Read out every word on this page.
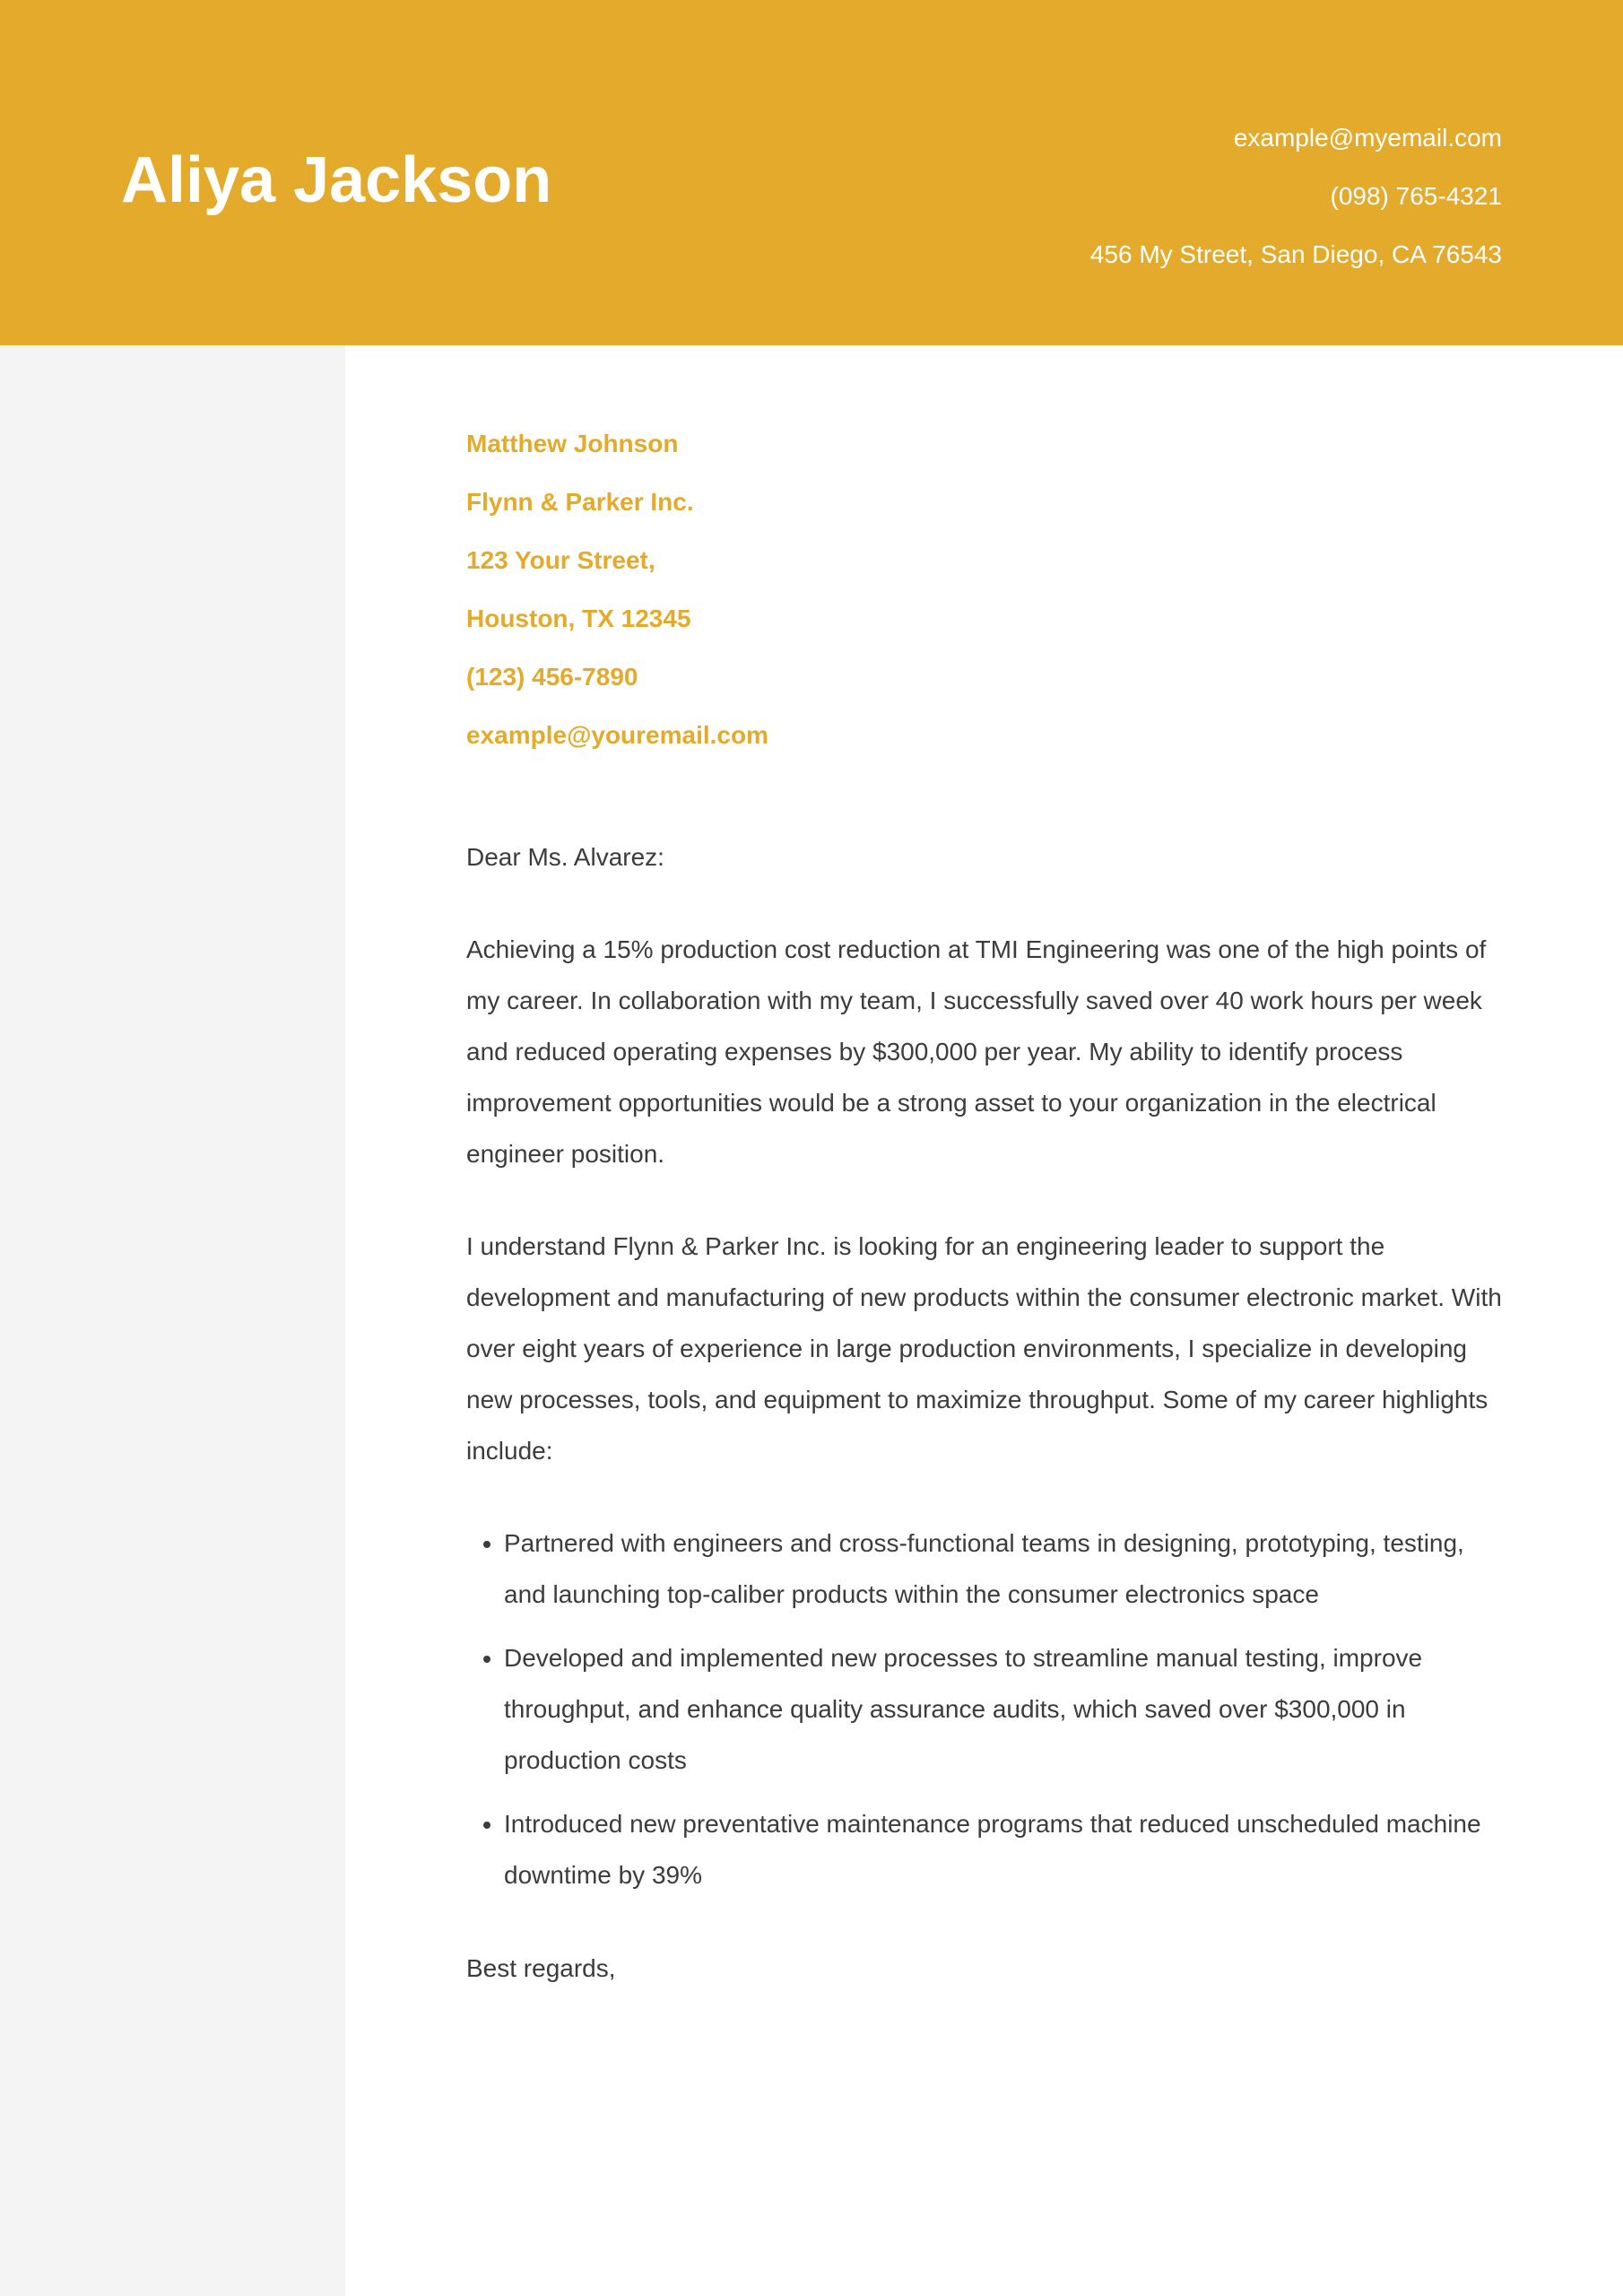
Aliya Jackson
example@myemail.com
(098) 765-4321
456 My Street, San Diego, CA 76543
Matthew Johnson
Flynn & Parker Inc.
123 Your Street,
Houston, TX 12345
(123) 456-7890
example@youremail.com
Dear Ms. Alvarez:

Achieving a 15% production cost reduction at TMI Engineering was one of the high points of my career. In collaboration with my team, I successfully saved over 40 work hours per week and reduced operating expenses by $300,000 per year. My ability to identify process improvement opportunities would be a strong asset to your organization in the electrical engineer position.

I understand Flynn & Parker Inc. is looking for an engineering leader to support the development and manufacturing of new products within the consumer electronic market. With over eight years of experience in large production environments, I specialize in developing new processes, tools, and equipment to maximize throughput. Some of my career highlights include:

• Partnered with engineers and cross-functional teams in designing, prototyping, testing, and launching top-caliber products within the consumer electronics space
• Developed and implemented new processes to streamline manual testing, improve throughput, and enhance quality assurance audits, which saved over $300,000 in production costs
• Introduced new preventative maintenance programs that reduced unscheduled machine downtime by 39%
Best regards,
